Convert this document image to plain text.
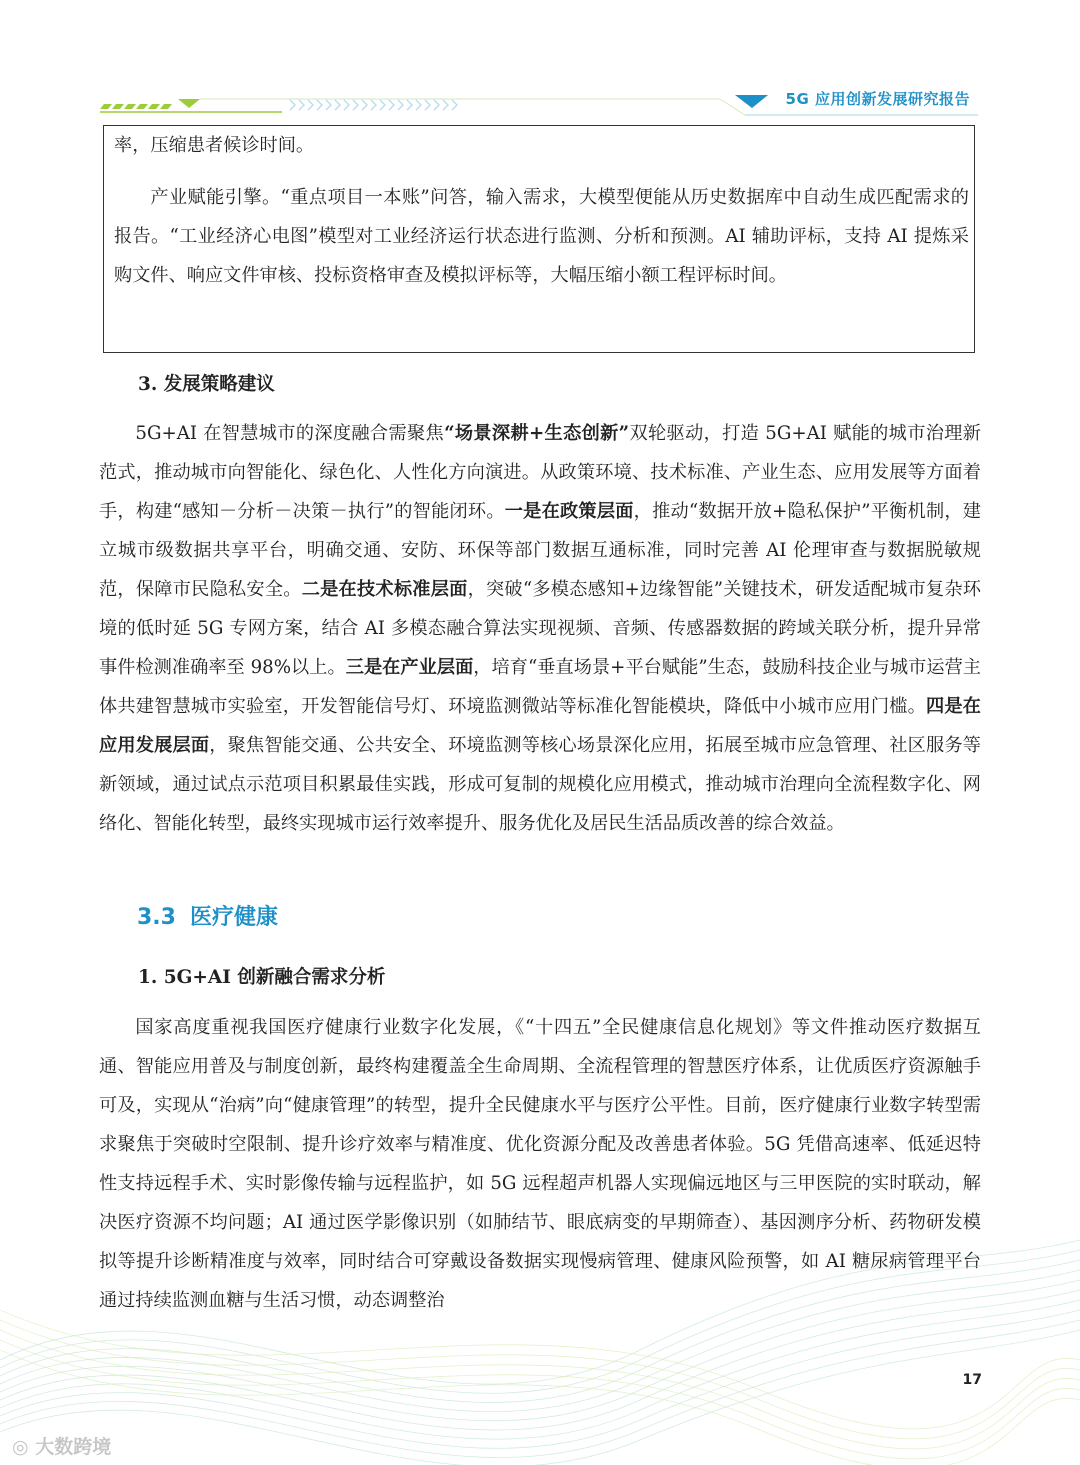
5G 应用创新发展研究报告

率，压缩患者候诊时间。

产业赋能引擎。“重点项目一本账”问答，输入需求，大模型便能从历史数据库中自动生成匹配需求的报告。“工业经济心电图”模型对工业经济运行状态进行监测、分析和预测。AI 辅助评标，支持 AI 提炼采购文件、响应文件审核、投标资格审查及模拟评标等，大幅压缩小额工程评标时间。

3. 发展策略建议

5G+AI 在智慧城市的深度融合需聚焦“场景深耕+生态创新”双轮驱动，打造 5G+AI 赋能的城市治理新范式，推动城市向智能化、绿色化、人性化方向演进。从政策环境、技术标准、产业生态、应用发展等方面着手，构建“感知－分析－决策－执行”的智能闭环。一是在政策层面，推动“数据开放+隐私保护”平衡机制，建立城市级数据共享平台，明确交通、安防、环保等部门数据互通标准，同时完善 AI 伦理审查与数据脱敏规范，保障市民隐私安全。二是在技术标准层面，突破“多模态感知+边缘智能”关键技术，研发适配城市复杂环境的低时延 5G 专网方案，结合 AI 多模态融合算法实现视频、音频、传感器数据的跨域关联分析，提升异常事件检测准确率至 98%以上。三是在产业层面，培育“垂直场景+平台赋能”生态，鼓励科技企业与城市运营主体共建智慧城市实验室，开发智能信号灯、环境监测微站等标准化智能模块，降低中小城市应用门槛。四是在应用发展层面，聚焦智能交通、公共安全、环境监测等核心场景深化应用，拓展至城市应急管理、社区服务等新领域，通过试点示范项目积累最佳实践，形成可复制的规模化应用模式，推动城市治理向全流程数字化、网络化、智能化转型，最终实现城市运行效率提升、服务优化及居民生活品质改善的综合效益。

3.3 医疗健康
1. 5G+AI 创新融合需求分析

国家高度重视我国医疗健康行业数字化发展，《“十四五”全民健康信息化规划》等文件推动医疗数据互通、智能应用普及与制度创新，最终构建覆盖全生命周期、全流程管理的智慧医疗体系，让优质医疗资源触手可及，实现从“治病”向“健康管理”的转型，提升全民健康水平与医疗公平性。目前，医疗健康行业数字转型需求聚焦于突破时空限制、提升诊疗效率与精准度、优化资源分配及改善患者体验。5G 凭借高速率、低延迟特性支持远程手术、实时影像传输与远程监护，如 5G 远程超声机器人实现偏远地区与三甲医院的实时联动，解决医疗资源不均问题；AI 通过医学影像识别（如肺结节、眼底病变的早期筛查）、基因测序分析、药物研发模拟等提升诊断精准度与效率，同时结合可穿戴设备数据实现慢病管理、健康风险预警，如 AI 糖尿病管理平台通过持续监测血糖与生活习惯，动态调整治

17
◎ 大数跨境
